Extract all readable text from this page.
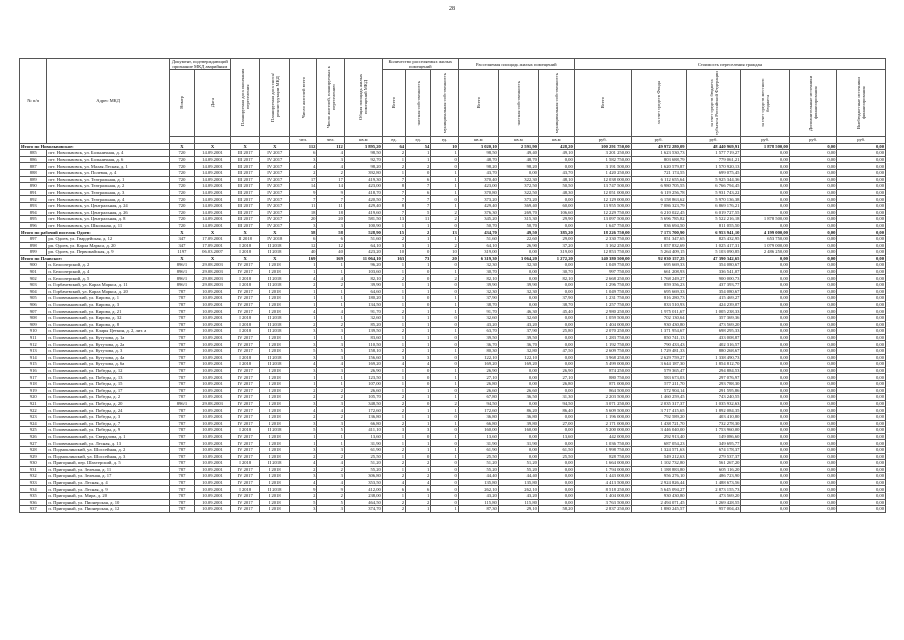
28
№ п/п	Адрес МКД	Документ, подтверждающий признание МКД аварийным		Планируемая дата окончания переселения	Планируемая дата сноса/реконструкции МКД	Число жителей всего	Число жителей, планируемых к переселению	Общая площадь жилых помещений МКД	Количество расселяемых жилых помещений			Расселяемая площадь жилых помещений			Стоимость переселения граждан					
		Номер	Дата						Всего	частная собственность	муниципальная собственность	Всего	частная собственность	муниципальная собственность	Всего	за счет средств Фонда	за счет средств бюджета субъекта Российской Федерации	за счет средств местного бюджета	Дополнительные источники финансирования	Внебюджетные источники финансирования
						чел.	чел.	кв.м	ед.	ед.	ед.	кв.м	кв.м	кв.м	руб.	руб.	руб.	руб.	руб.	руб.
Итого по Новольвовское:		X	X	X	X	112	112	3 895,20	64	54	10	3 020,10	2 591,90	428,20	100 291 750,00	49 972 280,09	48 440 969,91	1 878 500,00	0,00	0,00
885	пгт. Новольвовск, ул. Больничная, д. 4	720	14.09.2001	III 2017	IV 2017	6	4	98,50	2	1	1	98,50	49,40	49,10	3 201 250,00	1 623 530,73	1 577 719,27	0,00	0,00	0,00
886	пгт. Новольвовск, ул. Больничная, д. 6	720	14.09.2001	III 2017	IV 2017	3	3	92,70	1	1	0	48,70	48,70	0,00	1 582 750,00	803 688,79	779 061,21	0,00	0,00	0,00
887	пгт. Новольвовск, ул. Малая Лесная, д. 1	720	14.09.2001	III 2017	IV 2017	4	4	98,20	2	2	0	98,20	98,20	0,00	3 191 500,00	1 620 579,87	1 570 920,13	0,00	0,00	0,00
888	пгт. Новольвовск, ул. Полевая, д. 4	720	14.09.2001	III 2017	IV 2017	2	2	392,80	1	0	1	43,70	0,00	43,70	1 420 250,00	721 174,55	699 075,45	0,00	0,00	0,00
889	пгт. Новольвовск, ул. Театральная, д. 1	720	14.09.2001	III 2017	IV 2017	17	17	419,30	7	6	1	370,40	322,30	48,10	12 038 000,00	6 112 655,64	5 925 344,36	0,00	0,00	0,00
890	пгт. Новольвовск, ул. Театральная, д. 2	720	14.09.2001	III 2017	IV 2017	14	14	423,00	8	7	1	423,00	372,50	50,50	13 747 500,00	6 980 705,55	6 766 794,45	0,00	0,00	0,00
891	пгт. Новольвовск, ул. Театральная, д. 3	720	14.09.2001	III 2017	IV 2017	9	9	418,70	7	6	1	370,80	322,50	48,30	12 051 000,00	6 119 256,78	5 931 743,22	0,00	0,00	0,00
892	пгт. Новольвовск, ул. Театральная, д. 4	720	14.09.2001	III 2017	IV 2017	7	7	420,50	7	7	0	373,20	373,20	0,00	12 129 000,00	6 158 863,62	5 970 136,38	0,00	0,00	0,00
893	пгт. Новольвовск, ул. Центральная, д. 24	720	14.09.2001	III 2017	IV 2017	11	11	429,40	8	7	1	429,40	369,40	60,00	13 955 500,00	7 086 323,79	6 869 176,21	0,00	0,00	0,00
894	пгт. Новольвовск, ул. Центральная, д. 26	720	14.09.2001	III 2017	IV 2017	18	18	419,60	7	5	2	376,30	269,70	106,60	12 229 750,00	6 210 022,45	6 019 727,55	0,00	0,00	0,00
895	пгт. Новольвовск, ул. Центральная, д. 8	720	14.09.2001	III 2017	IV 2017	20	20	581,50	13	11	2	345,20	315,30	29,90	13 097 500,00	5 696 785,82	5 522 216,18	1 878 500,00	0,00	0,00
896	пгт. Новольвовск, ул. Школьная, д. 11	720	14.09.2001	III 2017	IV 2017	3	3	100,90	1	1	0	50,70	50,70	0,00	1 647 750,00	836 694,50	811 055,50	0,00	0,00	0,00
Итого по рабочий поселок Одоев:		X	X	X	X	58	58	528,90	15	2	13	434,70	49,50	385,20	18 226 750,00	7 173 700,90	6 953 941,10	4 199 000,00	0,00	0,00
897	рп. Одоев, ул. Гвардейская, д. 12	347	17.09.2001	II 2018	IV 2018	6	6	51,60	2	1	1	51,60	22,60	29,00	2 330 750,00	851 347,65	825 432,95	653 750,00	0,00	0,00
898	рп. Одоев, ул. Карла Маркса, д. 20	347	17.09.2001	I 2018	II 2018	12	12	64,10	3	1	2	64,10	26,90	37,20	3 162 250,00	1 057 832,69	1 025 417,31	1 079 000,00	0,00	0,00
899	рп. Одоев, ул. Первомайская, д. 9	1197	06.03.2007	I 2018	II 2018	40	40	423,20	10	0	10	319,00	0,00	319,00	12 853 750,00	5 264 409,15	5 103 090,85	2 486 250,00	0,00	0,00
Итого по Плавское:		X	X	X	X	169	169	11 064,10	163	73	20	6 319,30	3 064,20	1 272,20	140 380 500,00	92 030 157,25	47 390 342,65	0,00	0,00	0,00
900	п. Белоозерский, д. 2	896/1	29.08.2003	IV 2017	I 2018	1	1	96,20	1	1	0	32,30	32,30	0,00	1 049 750,00	695 669,33	354 080,67	0,00	0,00	0,00
901	п. Белоозерский, д. 4	896/1	29.08.2003	IV 2017	I 2018	1	1	103,60	1	0	1	30,70	0,00	30,70	997 750,00	661 208,93	336 541,07	0,00	0,00	0,00
902	п. Белоозерский, д. 5	896/1	29.08.2003	I 2018	II 2018	4	4	82,10	2	0	2	82,10	0,00	82,10	2 668 250,00	1 768 249,27	900 000,73	0,00	0,00	0,00
903	п. Горбачевский, ул. Карла Маркса, д. 11	896/1	29.08.2003	I 2018	II 2018	2	2	39,90	1	1	0	39,90	39,90	0,00	1 296 750,00	859 356,23	437 393,77	0,00	0,00	0,00
904	п. Горбачевский, ул. Карла Маркса, д. 20	787	10.09.2001	IV 2017	I 2018	1	1	64,60	1	1	0	32,30	32,30	0,00	1 049 750,00	695 669,33	354 080,67	0,00	0,00	0,00
905	п. Головеньковский, ул. Кирова, д. 1	787	10.09.2001	IV 2017	I 2018	1	1	180,20	1	0	1	37,90	0,00	37,90	1 231 750,00	816 280,73	415 469,27	0,00	0,00	0,00
906	п. Головеньковский, ул. Кирова, д. 3	787	10.09.2001	IV 2017	I 2018	1	1	134,50	1	0	1	38,70	0,00	38,70	1 257 750,00	833 510,93	424 239,07	0,00	0,00	0,00
907	п. Головеньковский, ул. Кирова, д. 21	787	10.09.2001	IV 2017	I 2018	4	4	91,70	2	1	1	91,70	46,30	45,40	2 980 250,00	1 975 011,67	1 005 238,33	0,00	0,00	0,00
908	п. Головеньковский, ул. Кирова, д. 32	787	10.09.2001	I 2018	II 2018	1	1	32,60	1	1	0	32,60	32,60	0,00	1 059 500,00	702 130,64	357 369,36	0,00	0,00	0,00
909	п. Головеньковский, ул. Кирова, д. 8	787	10.09.2001	I 2018	II 2018	2	2	85,20	1	1	0	43,20	43,20	0,00	1 404 000,00	930 430,80	473 569,20	0,00	0,00	0,00
910	п. Головеньковский, ул. Клары Цеткин, д. 2, лит. а	787	10.09.2001	I 2018	II 2018	3	3	139,50	2	1	1	63,70	37,90	25,80	2 070 250,00	1 371 954,67	698 295,33	0,00	0,00	0,00
911	п. Головеньковский, ул. Кутузова, д. 1а	787	10.09.2001	IV 2017	I 2018	1	1	83,60	1	1	0	39,50	39,50	0,00	1 283 750,00	850 741,13	433 008,87	0,00	0,00	0,00
912	п. Головеньковский, ул. Кутузова, д. 2а	787	10.09.2001	IV 2017	I 2018	3	3	110,50	1	1	0	36,70	36,70	0,00	1 192 750,00	790 433,43	402 316,57	0,00	0,00	0,00
913	п. Головеньковский, ул. Кутузова, д. 3	787	10.09.2001	IV 2017	I 2018	5	5	158,10	2	1	1	80,30	32,80	47,50	2 609 750,00	1 729 481,33	880 268,67	0,00	0,00	0,00
914	п. Головеньковский, ул. Кутузова, д. 4а	787	10.09.2001	I 2018	II 2018	3	3	156,60	3	3	0	122,10	122,10	0,00	3 968 250,00	2 629 759,27	1 338 490,73	0,00	0,00	0,00
915	п. Головеньковский, ул. Кутузова, д. 6а	787	10.09.2001	I 2018	II 2018	4	4	169,20	4	4	0	169,20	169,20	0,00	5 499 000,00	3 644 187,30	1 854 812,70	0,00	0,00	0,00
916	п. Головеньковский, ул. Победы, д. 12	787	10.09.2001	IV 2017	I 2018	3	3	26,90	1	0	1	26,90	0,00	26,90	874 250,00	579 365,47	294 884,53	0,00	0,00	0,00
917	п. Головеньковский, ул. Победы, д. 13	787	10.09.2001	IV 2017	I 2018	1	1	123,50	1	0	1	27,10	0,00	27,10	880 750,00	583 673,03	297 076,97	0,00	0,00	0,00
918	п. Головеньковский, ул. Победы, д. 15	787	10.09.2001	IV 2017	I 2018	1	1	107,00	1	0	1	26,80	0,00	26,80	871 000,00	577 211,70	293 788,30	0,00	0,00	0,00
919	п. Головеньковский, ул. Победы, д. 17	787	10.09.2001	IV 2017	I 2018	2	2	26,60	1	1	0	26,60	26,60	0,00	864 500,00	572 904,14	291 595,86	0,00	0,00	0,00
920	п. Головеньковский, ул. Победы, д. 2	787	10.09.2001	IV 2017	I 2018	2	2	105,70	2	1	1	67,80	36,50	31,30	2 203 500,00	1 460 259,45	743 240,55	0,00	0,00	0,00
921	п. Головеньковский, ул. Победы, д. 20	896/1	29.08.2003	IV 2017	I 2018	3	3	348,50	2	0	2	94,50	0,00	94,50	3 071 250,00	2 035 317,37	1 035 932,63	0,00	0,00	0,00
922	п. Головеньковский, ул. Победы, д. 24	787	10.09.2001	IV 2017	I 2018	4	4	172,60	2	1	1	172,60	86,20	86,40	5 609 500,00	3 717 415,65	1 892 084,35	0,00	0,00	0,00
923	п. Головеньковский, ул. Победы, д. 3	787	10.09.2001	IV 2017	I 2018	2	2	136,80	1	1	0	36,80	36,80	0,00	1 196 000,00	792 589,20	403 410,80	0,00	0,00	0,00
924	п. Головеньковский, ул. Победы, д. 7	787	10.09.2001	IV 2017	I 2018	3	3	66,80	2	1	1	66,80	39,80	27,00	2 171 000,00	1 438 721,70	732 278,30	0,00	0,00	0,00
925	п. Головеньковский, ул. Победы, д. 9	787	10.09.2001	I 2018	II 2018	5	5	411,10	3	3	0	160,00	160,00	0,00	5 200 000,00	3 446 040,00	1 753 960,00	0,00	0,00	0,00
926	п. Головеньковский, ул. Свердлова, д. 1	787	10.09.2001	IV 2017	I 2018	1	1	13,60	1	0	1	13,60	0,00	13,60	442 000,00	292 913,40	149 086,60	0,00	0,00	0,00
927	п. Головеньковский, ул. Лесная, д. 13	787	10.09.2001	IV 2017	I 2018	1	1	31,90	1	1	0	31,90	31,90	0,00	1 036 750,00	687 054,23	349 695,77	0,00	0,00	0,00
928	п. Подмоклинский, ул. Шоссейная, д. 2	787	10.09.2001	IV 2017	I 2018	3	3	61,90	2	1	1	61,90	0,00	61,50	1 998 750,00	1 324 571,63	674 178,37	0,00	0,00	0,00
929	п. Подмоклинский, ул. Шоссейная, д. 3	787	10.09.2001	IV 2017	I 2018	2	2	25,50	1	0	1	25,50	0,00	25,50	828 750,00	549 212,63	279 537,37	0,00	0,00	0,00
930	п. Пригорный, пер. Шахтерский, д. 5	787	10.09.2001	I 2018	II 2018	4	4	51,20	2	2	0	51,20	51,20	0,00	1 664 000,00	1 102 732,80	561 267,20	0,00	0,00	0,00
931	п. Пригорный, ул. Зеленая, д. 11	787	10.09.2001	IV 2017	I 2018	2	2	55,20	1	1	0	55,20	55,20	0,00	1 794 000,00	1 188 883,80	605 116,20	0,00	0,00	0,00
932	п. Пригорный, ул. Зеленая, д. 17	787	10.09.2001	IV 2017	I 2018	3	3	306,80	2	2	0	44,40	44,40	0,00	1 443 000,00	956 276,10	486 723,90	0,00	0,00	0,00
933	п. Пригорный, ул. Лесная, д. 4	787	10.09.2001	IV 2017	I 2018	4	4	353,50	4	4	0	135,80	135,80	0,00	4 413 500,00	2 924 826,44	1 488 673,56	0,00	0,00	0,00
934	п. Пригорный, ул. Лесная, д. 9	787	10.09.2001	I 2018	II 2018	9	9	412,00	6	6	0	262,10	262,10	0,00	8 518 250,00	5 645 094,27	2 873 155,73	0,00	0,00	0,00
935	п. Пригорный, ул. Мира, д. 20	787	10.09.2001	IV 2017	I 2018	2	2	238,00	1	1	0	43,20	43,20	0,00	1 404 000,00	930 430,80	473 569,20	0,00	0,00	0,00
936	п. Пригорный, ул. Пионерская, д. 10	787	10.09.2001	IV 2017	I 2018	5	5	464,50	2	2	0	115,80	115,80	0,00	3 763 500,00	2 494 071,45	1 269 428,55	0,00	0,00	0,00
937	п. Пригорный, ул. Пионерская, д. 12	787	10.09.2001	IV 2017	I 2018	3	3	374,70	2	1	1	87,30	29,10	58,20	2 837 250,00	1 880 245,57	957 004,43	0,00	0,00	0,00
